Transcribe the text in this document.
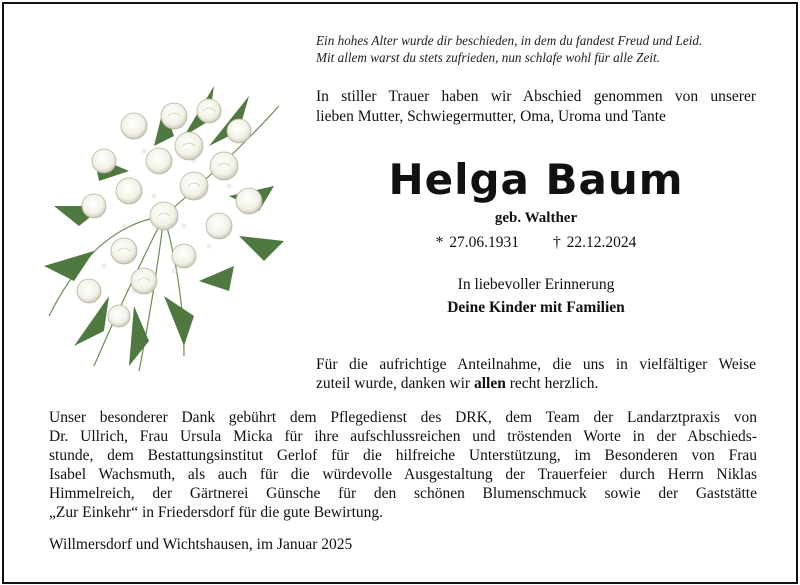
Ein hohes Alter wurde dir beschieden, in dem du fandest Freud und Leid.
Mit allem warst du stets zufrieden, nun schlafe wohl für alle Zeit.
In stiller Trauer haben wir Abschied genommen von unserer
lieben Mutter, Schwiegermutter, Oma, Uroma und Tante
Helga Baum
geb. Walther
* 27.06.1931 † 22.12.2024
In liebevoller Erinnerung
Deine Kinder mit Familien
Für die aufrichtige Anteilnahme, die uns in vielfältiger Weise
zuteil wurde, danken wir allen recht herzlich.
Unser besonderer Dank gebührt dem Pflegedienst des DRK, dem Team der Landarztpraxis von
Dr. Ullrich, Frau Ursula Micka für ihre aufschlussreichen und tröstenden Worte in der Abschieds-
stunde, dem Bestattungsinstitut Gerlof für die hilfreiche Unterstützung, im Besonderen von Frau
Isabel Wachsmuth, als auch für die würdevolle Ausgestaltung der Trauerfeier durch Herrn Niklas
Himmelreich, der Gärtnerei Günsche für den schönen Blumenschmuck sowie der Gaststätte
„Zur Einkehr“ in Friedersdorf für die gute Bewirtung.
Willmersdorf und Wichtshausen, im Januar 2025
